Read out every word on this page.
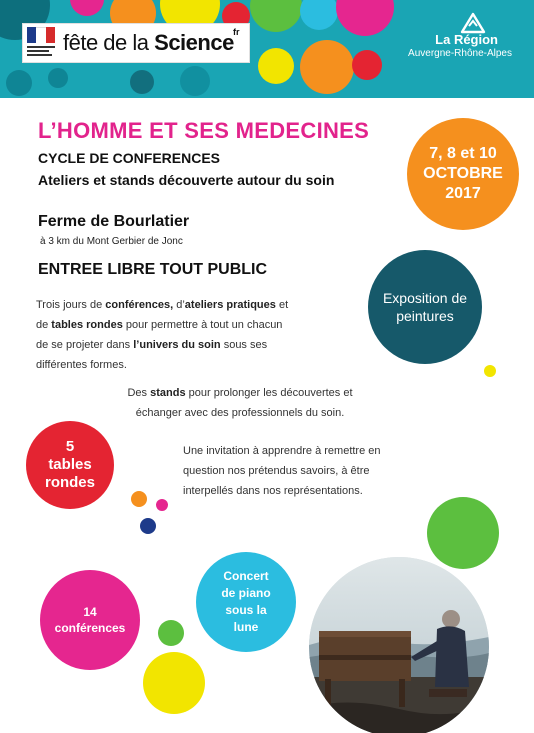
fête de la Science fr	La Région
Auvergne-Rhône-Alpes
L’HOMME ET SES MEDECINES
CYCLE DE CONFERENCES
Ateliers et stands découverte autour du soin
Ferme de Bourlatier
à 3 km du Mont Gerbier de Jonc
ENTREE LIBRE TOUT PUBLIC
Trois jours de conférences, d’ateliers pratiques et
de tables rondes pour permettre à tout un chacun
de se projeter dans l’univers du soin sous ses
différentes formes.
Des stands pour prolonger les découvertes et
échanger avec des professionnels du soin.
Une invitation à apprendre à remettre en
question nos prétendus savoirs, à être
interpellés dans nos représentations.
7, 8 et 10
OCTOBRE
2017
Exposition de
peintures
5
tables
rondes
Concert
de piano
sous la
lune
14
conférences
